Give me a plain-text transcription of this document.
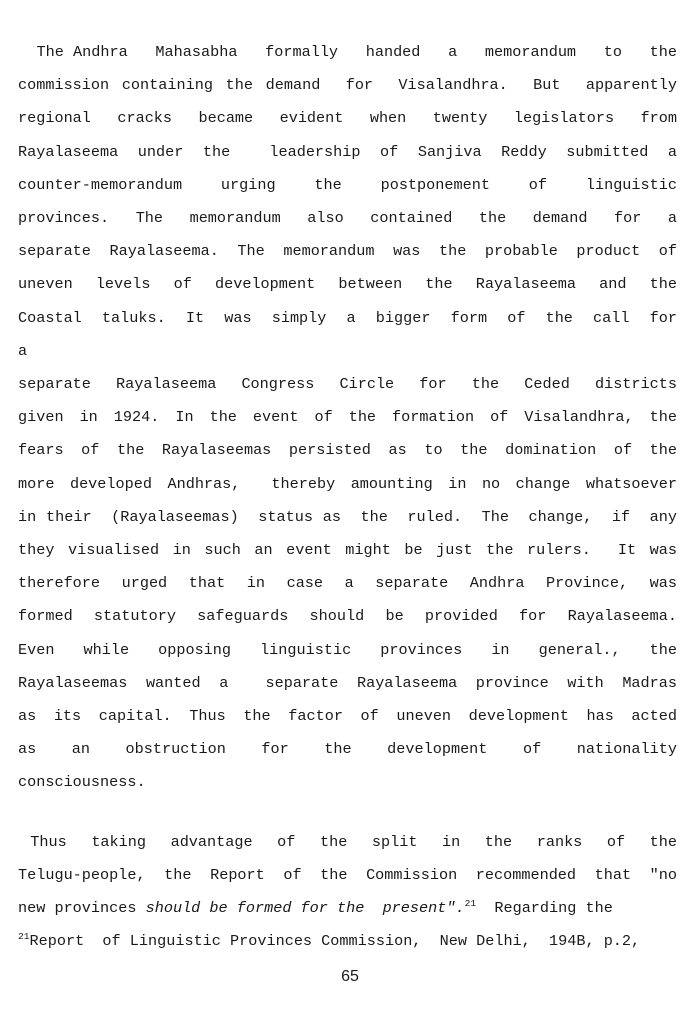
The Andhra   Mahasabha   formally   handed   a   memorandum   to   the
commission containing the demand  for  Visalandhra.  But  apparently
regional  cracks  became  evident  when  twenty  legislators  from
Rayalaseema under the  leadership of Sanjiva Reddy submitted a
counter-memorandum   urging   the   postponement   of   linguistic
provinces.  The  memorandum  also  contained  the  demand  for  a
separate Rayalaseema. The memorandum was the probable product of
uneven  levels  of  development  between  the  Rayalaseema  and  the
Coastal  taluks.  It  was  simply  a  bigger  form  of  the  call  for  a
separate  Rayalaseema  Congress  Circle  for  the  Ceded  districts
given in 1924. In the event of the formation of Visalandhra, the
fears of the Rayalaseemas persisted as to the domination of the
more developed Andhras,  thereby amounting in no change whatsoever
in their  (Rayalaseemas)  status as  the  ruled.  The  change,  if  any
they visualised in such an event might be just the rulers.  It was
therefore  urged  that  in  case  a  separate  Andhra  Province,  was
formed  statutory  safeguards  should  be  provided  for  Rayalaseema.
Even  while  opposing  linguistic  provinces  in  general.,  the
Rayalaseemas wanted a  separate Rayalaseema province with Madras
as its capital. Thus the factor of uneven development has acted
as   an   obstruction   for   the   development   of   nationality
consciousness.
Thus  taking  advantage  of  the  split  in  the  ranks  of  the
Telugu-people,  the  Report  of  the  Commission  recommended  that  "no
new provinces should be formed for the  present".$^{21}$  Regarding the
$^{21}$Report  of Linguistic Provinces Commission,  New Delhi,  194B, p.2,
65
